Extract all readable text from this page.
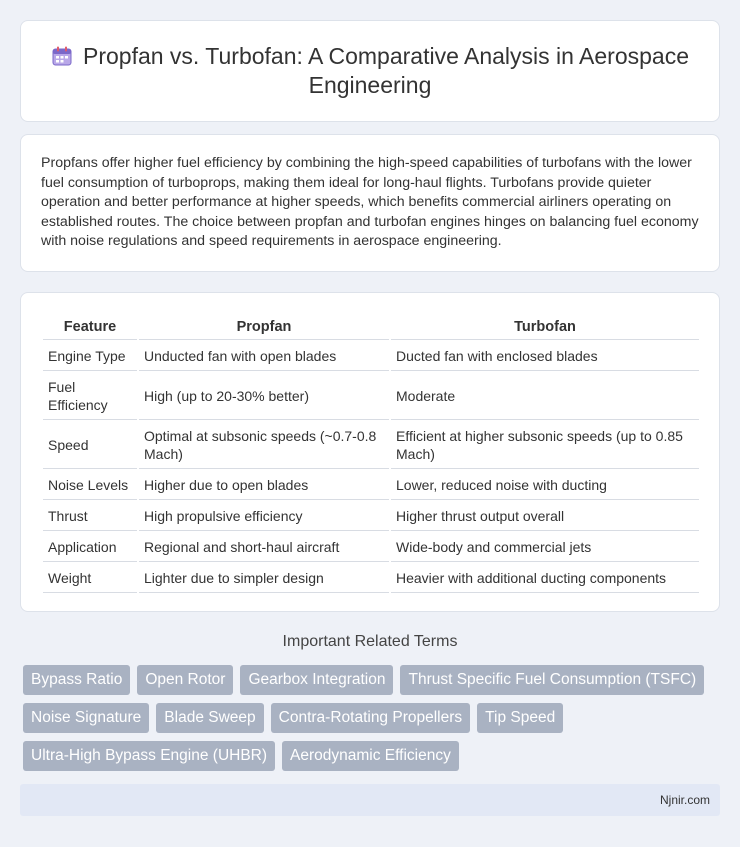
Propfan vs. Turbofan: A Comparative Analysis in Aerospace Engineering

Propfans offer higher fuel efficiency by combining the high-speed capabilities of turbofans with the lower fuel consumption of turboprops, making them ideal for long-haul flights. Turbofans provide quieter operation and better performance at higher speeds, which benefits commercial airliners operating on established routes. The choice between propfan and turbofan engines hinges on balancing fuel economy with noise regulations and speed requirements in aerospace engineering.

Feature	Propfan	Turbofan
Engine Type	Unducted fan with open blades	Ducted fan with enclosed blades
Fuel Efficiency	High (up to 20-30% better)	Moderate
Speed	Optimal at subsonic speeds (~0.7-0.8 Mach)	Efficient at higher subsonic speeds (up to 0.85 Mach)
Noise Levels	Higher due to open blades	Lower, reduced noise with ducting
Thrust	High propulsive efficiency	Higher thrust output overall
Application	Regional and short-haul aircraft	Wide-body and commercial jets
Weight	Lighter due to simpler design	Heavier with additional ducting components
Important Related Terms
Bypass Ratio	Open Rotor	Gearbox Integration	Thrust Specific Fuel Consumption (TSFC)
Noise Signature	Blade Sweep	Contra-Rotating Propellers	Tip Speed
Ultra-High Bypass Engine (UHBR)	Aerodynamic Efficiency
Njnir.com
